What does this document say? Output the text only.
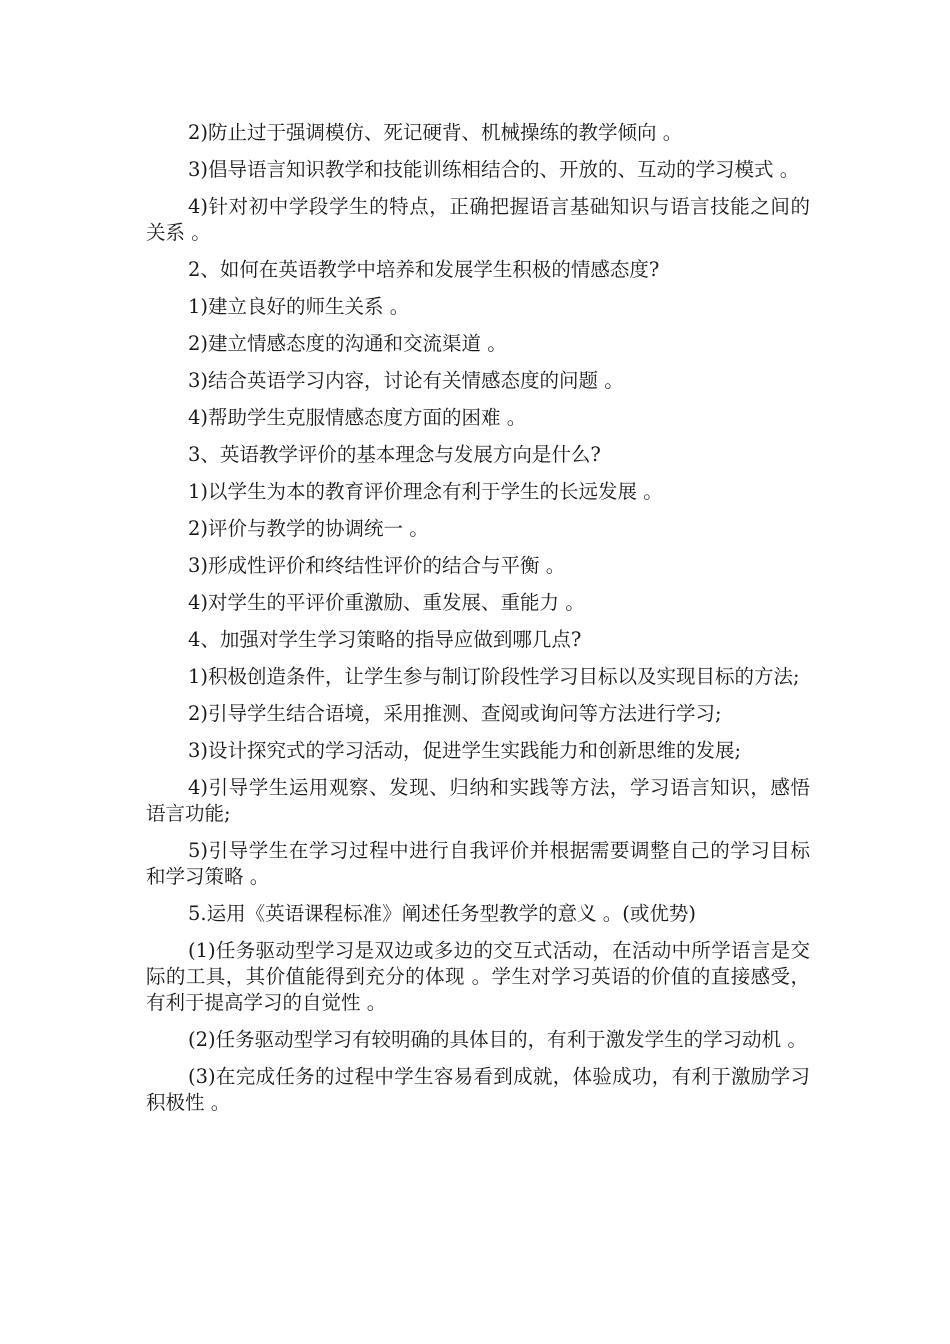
2)防止过于强调模仿、死记硬背、机械操练的教学倾向 。

3)倡导语言知识教学和技能训练相结合的、开放的、互动的学习模式 。

4)针对初中学段学生的特点，正确把握语言基础知识与语言技能之间的关系 。

2、如何在英语教学中培养和发展学生积极的情感态度?

1)建立良好的师生关系 。

2)建立情感态度的沟通和交流渠道 。

3)结合英语学习内容，讨论有关情感态度的问题 。

4)帮助学生克服情感态度方面的困难 。

3、英语教学评价的基本理念与发展方向是什么?

1)以学生为本的教育评价理念有利于学生的长远发展 。

2)评价与教学的协调统一 。

3)形成性评价和终结性评价的结合与平衡 。

4)对学生的平评价重激励、重发展、重能力 。

4、加强对学生学习策略的指导应做到哪几点?

1)积极创造条件，让学生参与制订阶段性学习目标以及实现目标的方法;

2)引导学生结合语境，采用推测、查阅或询问等方法进行学习;

3)设计探究式的学习活动，促进学生实践能力和创新思维的发展;

4)引导学生运用观察、发现、归纳和实践等方法，学习语言知识，感悟语言功能;

5)引导学生在学习过程中进行自我评价并根据需要调整自己的学习目标和学习策略 。

5.运用《英语课程标准》阐述任务型教学的意义 。(或优势)

(1)任务驱动型学习是双边或多边的交互式活动，在活动中所学语言是交际的工具，其价值能得到充分的体现 。学生对学习英语的价值的直接感受，有利于提高学习的自觉性 。

(2)任务驱动型学习有较明确的具体目的，有利于激发学生的学习动机 。

(3)在完成任务的过程中学生容易看到成就，体验成功，有利于激励学习积极性 。
